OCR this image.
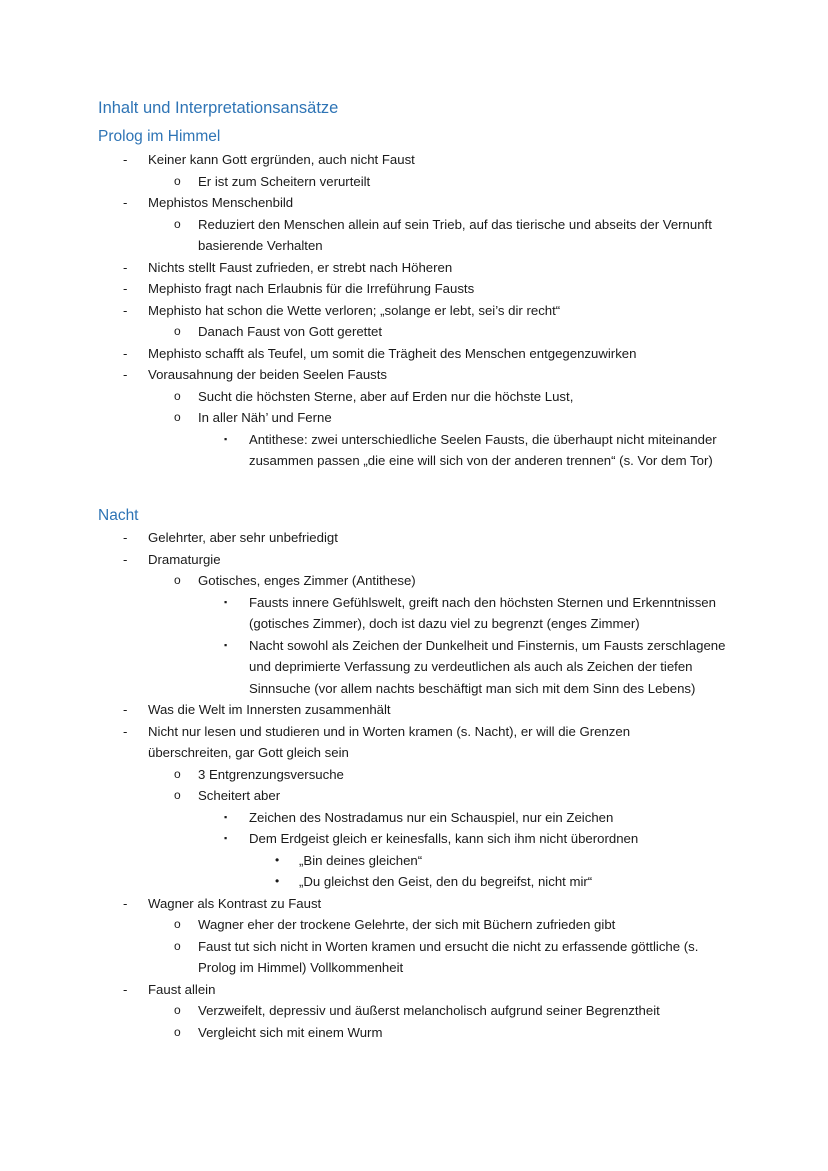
Inhalt und Interpretationsansätze
Prolog im Himmel
- Keiner kann Gott ergründen, auch nicht Faust
o Er ist zum Scheitern verurteilt
- Mephistos Menschenbild
o Reduziert den Menschen allein auf sein Trieb, auf das tierische und abseits der Vernunft basierende Verhalten
- Nichts stellt Faust zufrieden, er strebt nach Höheren
- Mephisto fragt nach Erlaubnis für die Irreführung Fausts
- Mephisto hat schon die Wette verloren; „solange er lebt, sei’s dir recht“
o Danach Faust von Gott gerettet
- Mephisto schafft als Teufel, um somit die Trägheit des Menschen entgegenzuwirken
- Vorausahnung der beiden Seelen Fausts
o Sucht die höchsten Sterne, aber auf Erden nur die höchste Lust,
o In aller Näh’ und Ferne
▪ Antithese: zwei unterschiedliche Seelen Fausts, die überhaupt nicht miteinander zusammen passen „die eine will sich von der anderen trennen“ (s. Vor dem Tor)
Nacht
- Gelehrter, aber sehr unbefriedigt
- Dramaturgie
o Gotisches, enges Zimmer (Antithese)
▪ Fausts innere Gefühlswelt, greift nach den höchsten Sternen und Erkenntnissen (gotisches Zimmer), doch ist dazu viel zu begrenzt (enges Zimmer)
▪ Nacht sowohl als Zeichen der Dunkelheit und Finsternis, um Fausts zerschlagene und deprimierte Verfassung zu verdeutlichen als auch als Zeichen der tiefen Sinnsuche (vor allem nachts beschäftigt man sich mit dem Sinn des Lebens)
- Was die Welt im Innersten zusammenhält
- Nicht nur lesen und studieren und in Worten kramen (s. Nacht), er will die Grenzen überschreiten, gar Gott gleich sein
o 3 Entgrenzungsversuche
o Scheitert aber
▪ Zeichen des Nostradamus nur ein Schauspiel, nur ein Zeichen
▪ Dem Erdgeist gleich er keinesfalls, kann sich ihm nicht überordnen
• „Bin deines gleichen“
• „Du gleichst den Geist, den du begreifst, nicht mir“
- Wagner als Kontrast zu Faust
o Wagner eher der trockene Gelehrte, der sich mit Büchern zufrieden gibt
o Faust tut sich nicht in Worten kramen und ersucht die nicht zu erfassende göttliche (s. Prolog im Himmel) Vollkommenheit
- Faust allein
o Verzweifelt, depressiv und äußerst melancholisch aufgrund seiner Begrenztheit
o Vergleicht sich mit einem Wurm
